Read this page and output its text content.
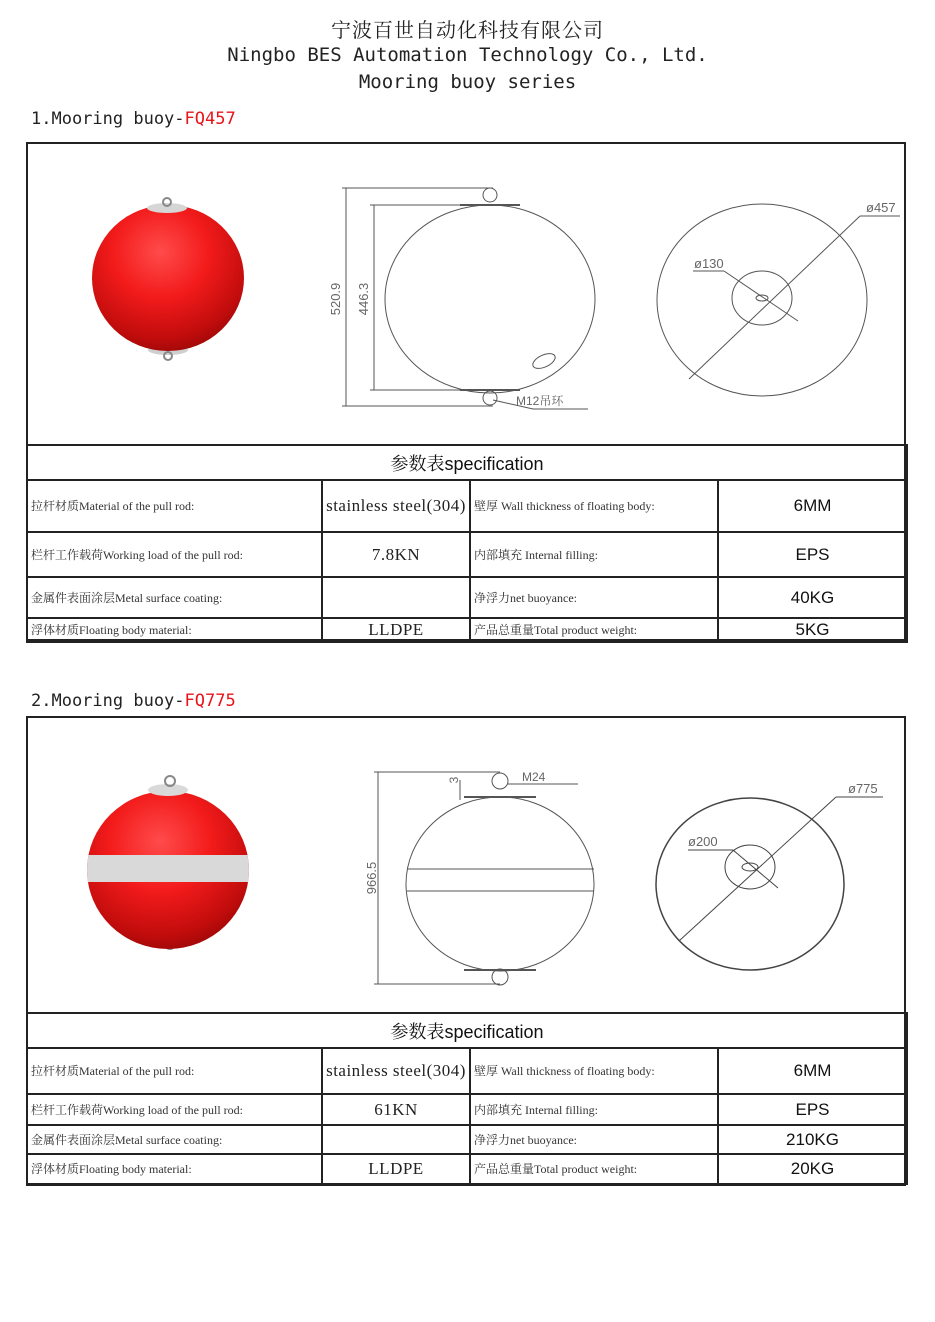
宁波百世自动化科技有限公司
Ningbo BES Automation Technology Co., Ltd.
Mooring buoy series
1.Mooring buoy-FQ457
520.9 446.3
M12吊环
ø457
ø130
参数表specification			
拉杆材质Material of the pull rod:	stainless steel(304)	壁厚 Wall thickness of floating body:	6MM
栏杆工作载荷Working load of the pull rod:	7.8KN	内部填充 Internal filling:	EPS
金属件表面涂层Metal surface coating:		净浮力net buoyance:	40KG
浮体材质Floating body material:	LLDPE	产品总重量Total product weight:	5KG
2.Mooring buoy-FQ775
966.5
3	M24
ø775
ø200
参数表specification			
拉杆材质Material of the pull rod:	stainless steel(304)	壁厚 Wall thickness of floating body:	6MM
栏杆工作载荷Working load of the pull rod:	61KN	内部填充 Internal filling:	EPS
金属件表面涂层Metal surface coating:		净浮力net buoyance:	210KG
浮体材质Floating body material:	LLDPE	产品总重量Total product weight:	20KG
